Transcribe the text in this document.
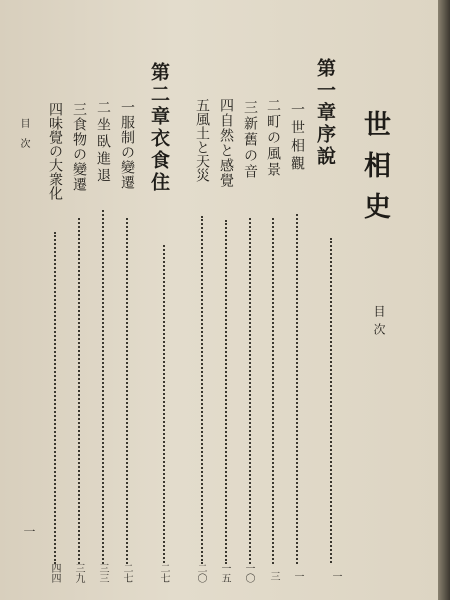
世相史
目次
第一章序說
一
一世相觀
一
二町の風景
三
三新舊の音
一〇
四自然と感覺
一五
五風土と天災
二〇
第二章衣食住
二七
一服制の變遷
二七
二坐臥進退
三三
三食物の變遷
三九
四味覺の大衆化
四四
目次
一
